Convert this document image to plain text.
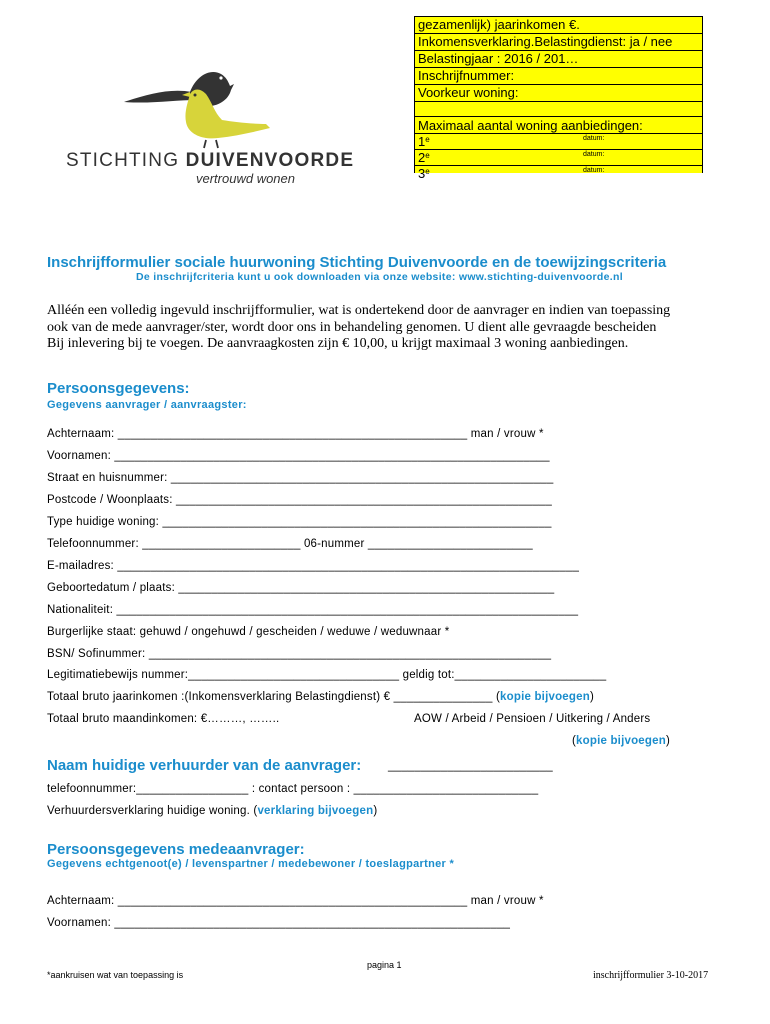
gezamenlijk) jaarinkomen €.
Inkomensverklaring.Belastingdienst: ja / nee
Belastingjaar : 2016 / 201…
Inschrijfnummer:
Voorkeur woning:
Maximaal aantal woning aanbiedingen:
1e	datum:
2e	datum:
3e	datum:
STICHTING DUIVENVOORDE
vertrouwd wonen
Inschrijfformulier sociale huurwoning Stichting Duivenvoorde en de toewijzingscriteria
De inschrijfcriteria kunt u ook downloaden via onze website: www.stichting-duivenvoorde.nl
Alléén een volledig ingevuld inschrijfformulier, wat is ondertekend door de aanvrager en indien van toepassing
ook van de mede aanvrager/ster, wordt door ons in behandeling genomen. U dient alle gevraagde bescheiden
Bij inlevering bij te voegen. De aanvraagkosten zijn € 10,00, u krijgt maximaal 3 woning aanbiedingen.
Persoonsgegevens:
Gegevens aanvrager / aanvraagster:
Achternaam: _____________________________________________________ man / vrouw *
Voornamen: __________________________________________________________________
Straat en huisnummer: __________________________________________________________
Postcode / Woonplaats: _________________________________________________________
Type huidige woning: ___________________________________________________________
Telefoonnummer: ________________________ 06-nummer _________________________
E-mailadres: ______________________________________________________________________
Geboortedatum / plaats: _________________________________________________________
Nationaliteit: ______________________________________________________________________
Burgerlijke staat: gehuwd / ongehuwd / gescheiden / weduwe / weduwnaar *
BSN/ Sofinummer: _____________________________________________________________
Legitimatiebewijs nummer:________________________________ geldig tot:_______________________
Totaal bruto jaarinkomen :(Inkomensverklaring Belastingdienst) € _______________ (kopie bijvoegen)
Totaal bruto maandinkomen: €………, ……..	AOW / Arbeid / Pensioen / Uitkering / Anders
(kopie bijvoegen)
Naam huidige verhuurder van de aanvrager: _________________________
telefoonnummer:_________________ : contact persoon : ____________________________
Verhuurdersverklaring huidige woning. (verklaring bijvoegen)
Persoonsgegevens medeaanvrager:
Gegevens echtgenoot(e) / levenspartner / medebewoner / toeslagpartner *
Achternaam: _____________________________________________________ man / vrouw *
Voornamen: ____________________________________________________________
pagina 1
*aankruisen wat van toepassing is	inschrijfformulier 3-10-2017
